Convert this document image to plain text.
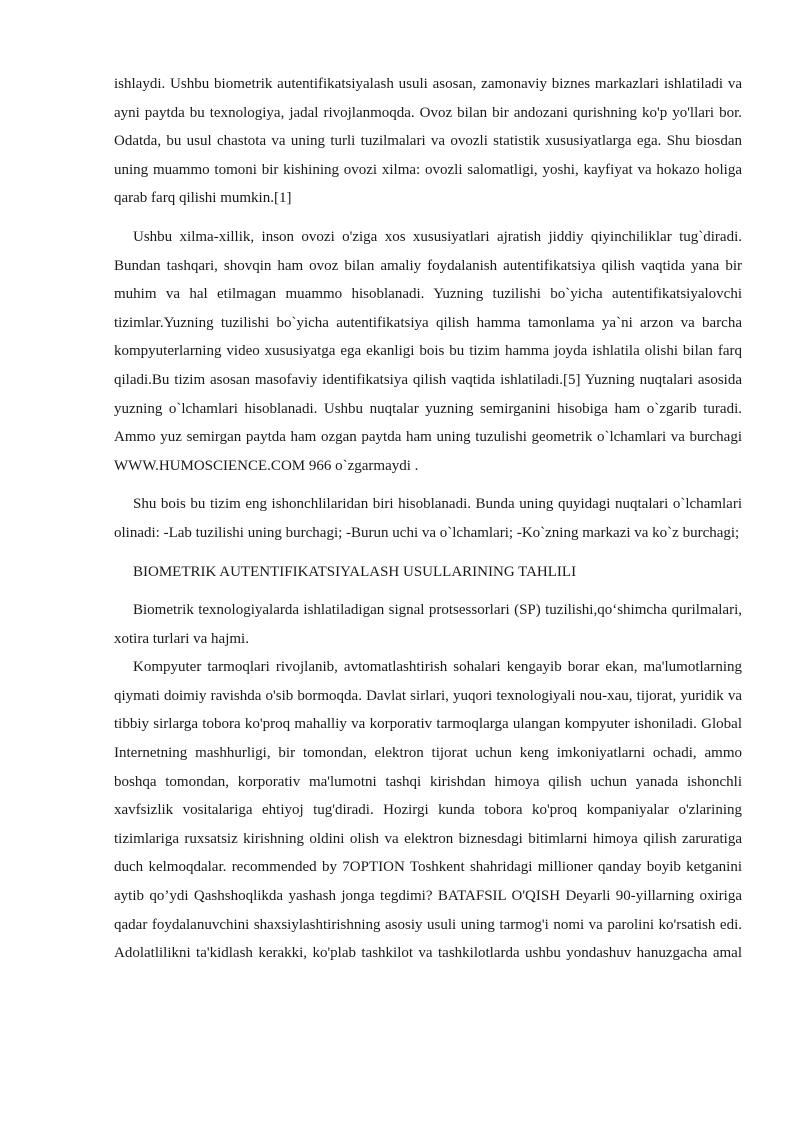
ishlaydi. Ushbu biometrik autentifikatsiyalash usuli asosan, zamonaviy biznes markazlari ishlatiladi va ayni paytda bu texnologiya, jadal rivojlanmoqda. Ovoz bilan bir andozani qurishning ko'p yo'llari bor. Odatda, bu usul chastota va uning turli tuzilmalari va ovozli statistik xususiyatlarga ega. Shu biosdan uning muammo tomoni bir kishining ovozi xilma: ovozli salomatligi, yoshi, kayfiyat va hokazo holiga qarab farq qilishi mumkin.[1]

Ushbu xilma-xillik, inson ovozi o'ziga xos xususiyatlari ajratish jiddiy qiyinchiliklar tug`diradi. Bundan tashqari, shovqin ham ovoz bilan amaliy foydalanish autentifikatsiya qilish vaqtida yana bir muhim va hal etilmagan muammo hisoblanadi. Yuzning tuzilishi bo`yicha autentifikatsiyalovchi tizimlar.Yuzning tuzilishi bo`yicha autentifikatsiya qilish hamma tamonlama ya`ni arzon va barcha kompyuterlarning video xususiyatga ega ekanligi bois bu tizim hamma joyda ishlatila olishi bilan farq qiladi.Bu tizim asosan masofaviy identifikatsiya qilish vaqtida ishlatiladi.[5] Yuzning nuqtalari asosida yuzning o`lchamlari hisoblanadi. Ushbu nuqtalar yuzning semirganini hisobiga ham o`zgarib turadi. Ammo yuz semirgan paytda ham ozgan paytda ham uning tuzulishi geometrik o`lchamlari va burchagi WWW.HUMOSCIENCE.COM 966 o`zgarmaydi .

Shu bois bu tizim eng ishonchlilaridan biri hisoblanadi. Bunda uning quyidagi nuqtalari o`lchamlari olinadi: -Lab tuzilishi uning burchagi; -Burun uchi va o`lchamlari; -Ko`zning markazi va ko`z burchagi;

BIOMETRIK AUTENTIFIKATSIYALASH USULLARINING TAHLILI

Biometrik texnologiyalarda ishlatiladigan signal protsessorlari (SP) tuzilishi,qo‘shimcha qurilmalari, xotira turlari va hajmi.

Kompyuter tarmoqlari rivojlanib, avtomatlashtirish sohalari kengayib borar ekan, ma'lumotlarning qiymati doimiy ravishda o'sib bormoqda. Davlat sirlari, yuqori texnologiyali nou-xau, tijorat, yuridik va tibbiy sirlarga tobora ko'proq mahalliy va korporativ tarmoqlarga ulangan kompyuter ishoniladi. Global Internetning mashhurligi, bir tomondan, elektron tijorat uchun keng imkoniyatlarni ochadi, ammo boshqa tomondan, korporativ ma'lumotni tashqi kirishdan himoya qilish uchun yanada ishonchli xavfsizlik vositalariga ehtiyoj tug'diradi. Hozirgi kunda tobora ko'proq kompaniyalar o'zlarining tizimlariga ruxsatsiz kirishning oldini olish va elektron biznesdagi bitimlarni himoya qilish zaruratiga duch kelmoqdalar. recommended by 7OPTION Toshkent shahridagi millioner qanday boyib ketganini aytib qo’ydi Qashshoqlikda yashash jonga tegdimi? BATAFSIL O'QISH Deyarli 90-yillarning oxiriga qadar foydalanuvchini shaxsiylashtirishning asosiy usuli uning tarmog'i nomi va parolini ko'rsatish edi. Adolatlilikni ta'kidlash kerakki, ko'plab tashkilot va tashkilotlarda ushbu yondashuv hanuzgacha amal
